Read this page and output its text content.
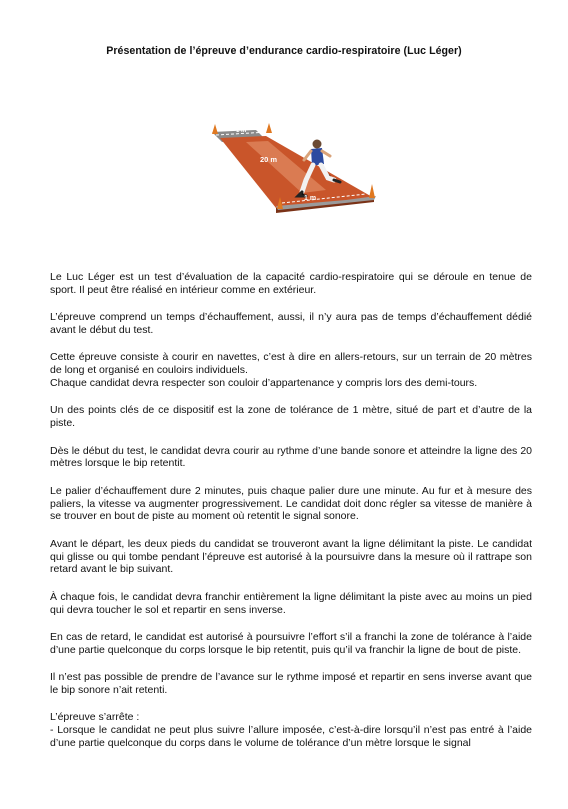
Présentation de l’épreuve d’endurance cardio-respiratoire (Luc Léger)
1 m
20 m
1 m

Le Luc Léger est un test d’évaluation de la capacité cardio-respiratoire qui se déroule en tenue de sport. Il peut être réalisé en intérieur comme en extérieur.

L’épreuve comprend un temps d’échauffement, aussi, il n’y aura pas de temps d’échauffement dédié avant le début du test.

Cette épreuve consiste à courir en navettes, c’est à dire en allers-retours, sur un terrain de 20 mètres de long et organisé en couloirs individuels.
Chaque candidat devra respecter son couloir d’appartenance y compris lors des demi-tours.

Un des points clés de ce dispositif est la zone de tolérance de 1 mètre, situé de part et d’autre de la piste.

Dès le début du test, le candidat devra courir au rythme d’une bande sonore et atteindre la ligne des 20 mètres lorsque le bip retentit.

Le palier d’échauffement dure 2 minutes, puis chaque palier dure une minute. Au fur et à mesure des paliers, la vitesse va augmenter progressivement. Le candidat doit donc régler sa vitesse de manière à se trouver en bout de piste au moment où retentit le signal sonore.

Avant le départ, les deux pieds du candidat se trouveront avant la ligne délimitant la piste. Le candidat qui glisse ou qui tombe pendant l’épreuve est autorisé à la poursuivre dans la mesure où il rattrape son retard avant le bip suivant.

À chaque fois, le candidat devra franchir entièrement la ligne délimitant la piste avec au moins un pied qui devra toucher le sol et repartir en sens inverse.

En cas de retard, le candidat est autorisé à poursuivre l’effort s’il a franchi la zone de tolérance à l’aide d’une partie quelconque du corps lorsque le bip retentit, puis qu’il va franchir la ligne de bout de piste.

Il n’est pas possible de prendre de l’avance sur le rythme imposé et repartir en sens inverse avant que le bip sonore n’ait retenti.

L’épreuve s’arrête :
- Lorsque le candidat ne peut plus suivre l’allure imposée, c’est-à-dire lorsqu’il n’est pas entré à l’aide d’une partie quelconque du corps dans le volume de tolérance d’un mètre lorsque le signal
